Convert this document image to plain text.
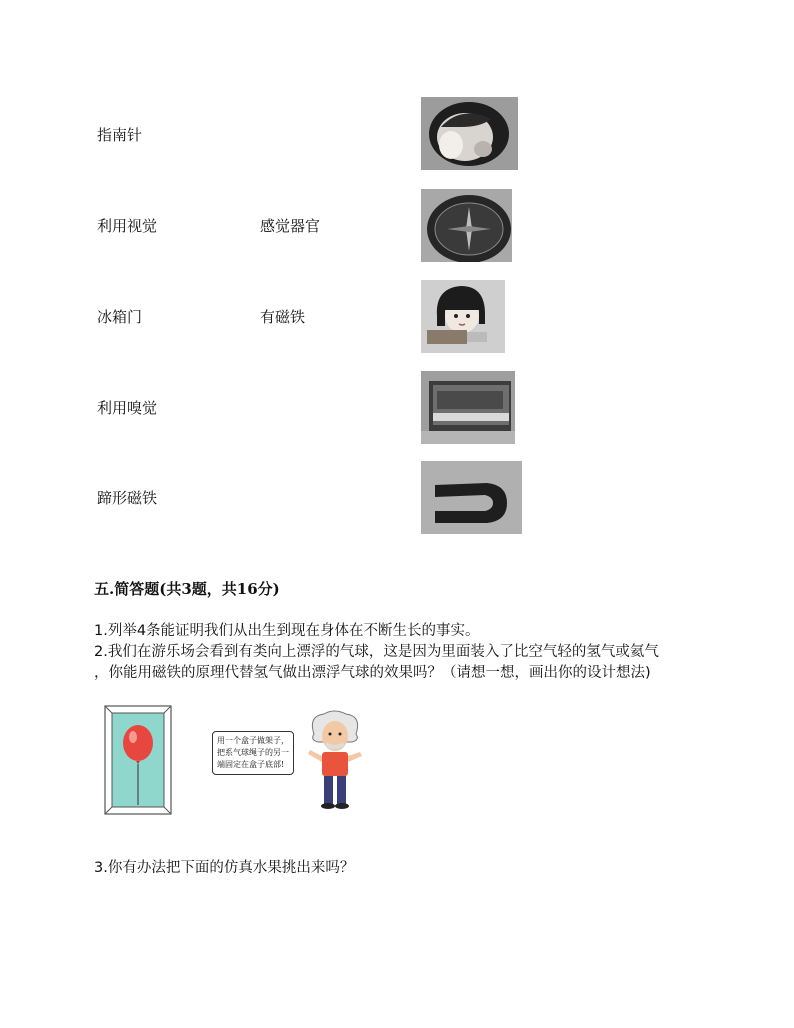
指南针
利用视觉
冰箱门
利用嗅觉
蹄形磁铁
感觉器官
有磁铁
五.简答题(共3题，共16分)
1.列举4条能证明我们从出生到现在身体在不断生长的事实。
2.我们在游乐场会看到有类向上漂浮的气球，这是因为里面装入了比空气轻的氢气或氦气
，你能用磁铁的原理代替氢气做出漂浮气球的效果吗？（请想一想，画出你的设计想法)
用一个盒子做架子，
把系气球绳子的另一
端固定在盒子底部!
3.你有办法把下面的仿真水果挑出来吗？
